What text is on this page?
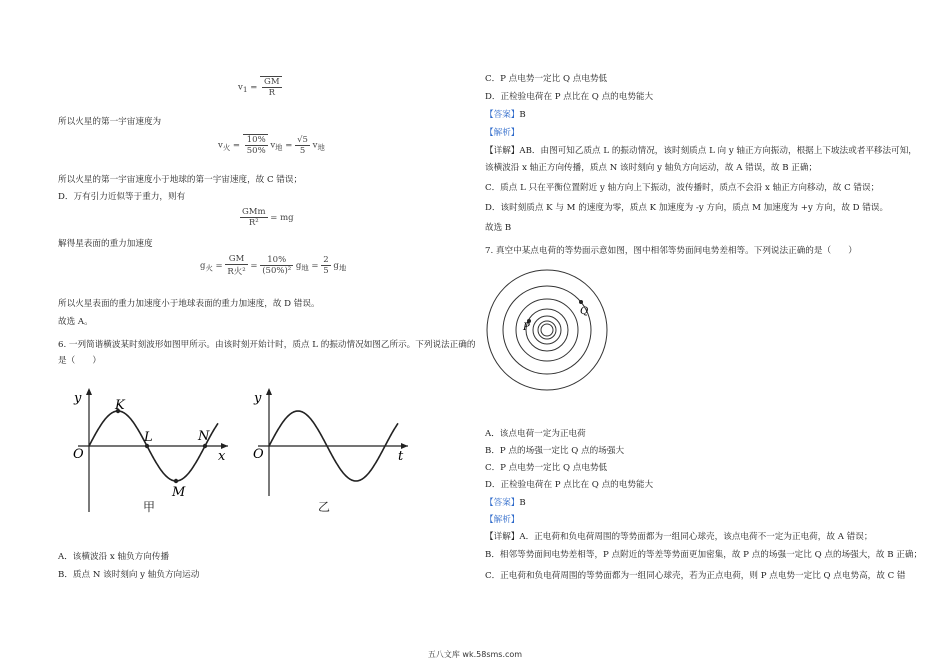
$v_1 = \frac{GM}{R}$
所以火星的第一宇宙速度为
$v_火 = \frac{10\%}{50\%} v_地 = \frac{√5}{5} v_地$
所以火星的第一宇宙速度小于地球的第一宇宙速度，故 C 错误；
D．万有引力近似等于重力，则有
$\frac{\text{GMm}}{\text{R²}}$ = mg
解得星表面的重力加速度
$g_火 = \frac{GM}{\text{R火²}} = \frac{10\%}{\text{(50\%)²}} g_地 = \frac{2}{5} g_地$
所以火星表面的重力加速度小于地球表面的重力加速度，故 D 错误。
故选 A。
6. 一列简谐横波某时刻波形如图甲所示。由该时刻开始计时，质点 L 的振动情况如图乙所示。下列说法正确的
是（　　）
y
x
O
K
L
M
N
甲
y
t
O
乙
A．该横波沿 x 轴负方向传播
B．质点 N 该时刻向 y 轴负方向运动
C．P 点电势一定比 Q 点电势低
D．正检验电荷在 P 点比在 Q 点的电势能大
【答案】B
【解析】
【详解】AB．由图可知乙质点 L 的振动情况，该时刻质点 L 向 y 轴正方向振动，根据上下坡法或者平移法可知，
该横波沿 x 轴正方向传播，质点 N 该时刻向 y 轴负方向运动，故 A 错误，故 B 正确；
C．质点 L 只在平衡位置附近 y 轴方向上下振动，波传播时，质点不会沿 x 轴正方向移动，故 C 错误；
D．该时刻质点 K 与 M 的速度为零，质点 K 加速度为 -y 方向，质点 M 加速度为 +y 方向，故 D 错误。
故选 B
7. 真空中某点电荷的等势面示意如图，图中相邻等势面间电势差相等。下列说法正确的是（　　）
P
Q
A．该点电荷一定为正电荷
B．P 点的场强一定比 Q 点的场强大
C．P 点电势一定比 Q 点电势低
D．正检验电荷在 P 点比在 Q 点的电势能大
【答案】B
【解析】
【详解】A．正电荷和负电荷周围的等势面都为一组同心球壳，该点电荷不一定为正电荷，故 A 错误；
B．相邻等势面间电势差相等，P 点附近的等差等势面更加密集，故 P 点的场强一定比 Q 点的场强大，故 B 正确；
C．正电荷和负电荷周围的等势面都为一组同心球壳，若为正点电荷，则 P 点电势一定比 Q 点电势高，故 C 错
五八文库 wk.58sms.com
